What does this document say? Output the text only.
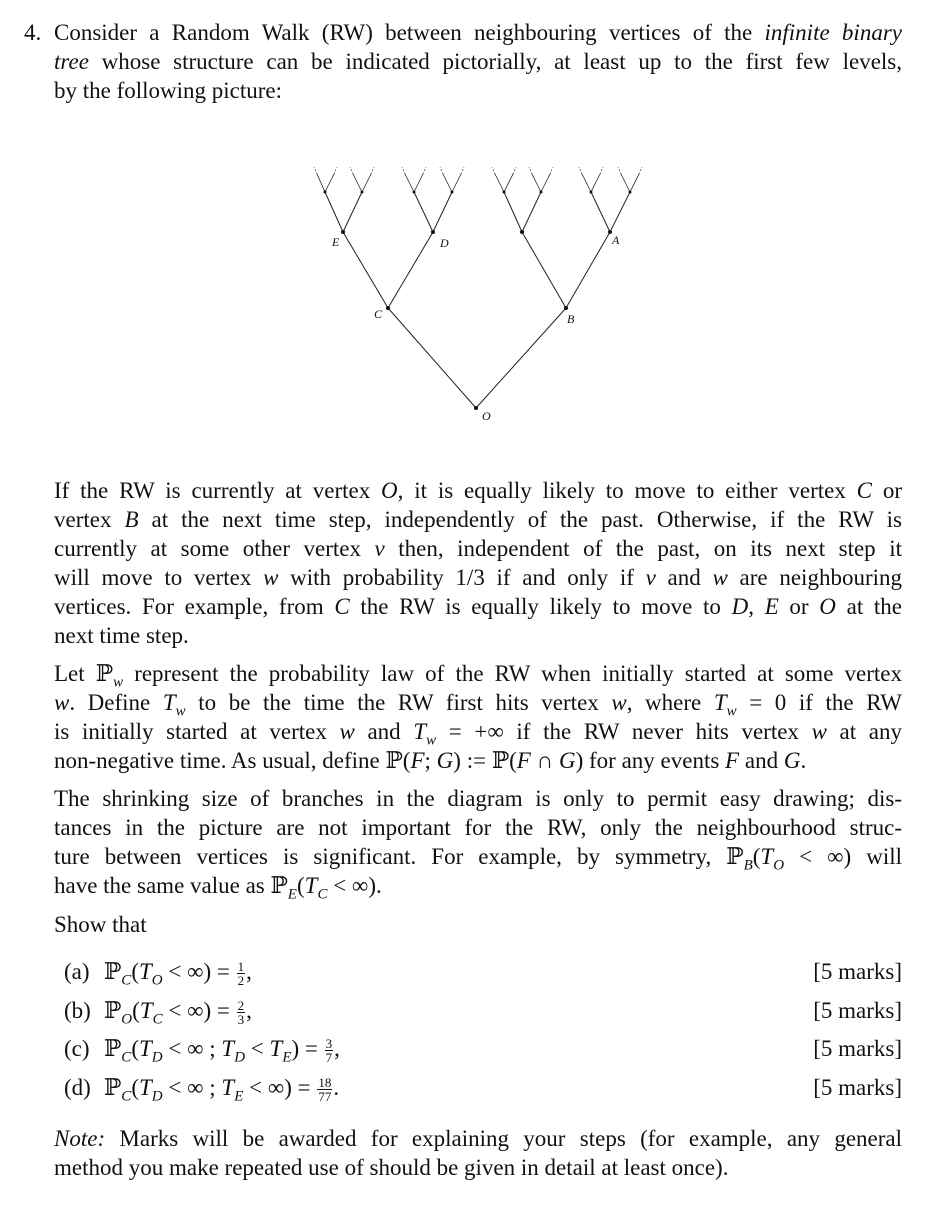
4. Consider a Random Walk (RW) between neighbouring vertices of the infinite binary
tree whose structure can be indicated pictorially, at least up to the first few levels,
by the following picture:
O
C	B
E	D	A
If the RW is currently at vertex O, it is equally likely to move to either vertex C or
vertex B at the next time step, independently of the past. Otherwise, if the RW is
currently at some other vertex v then, independent of the past, on its next step it
will move to vertex w with probability 1/3 if and only if v and w are neighbouring
vertices. For example, from C the RW is equally likely to move to D, E or O at the
next time step.
Let ℙ$_w$ represent the probability law of the RW when initially started at some vertex
w. Define $T_w$ to be the time the RW first hits vertex w, where $T_w = 0$ if the RW
is initially started at vertex w and $T_w$ = +∞ if the RW never hits vertex w at any
non-negative time. As usual, define ℙ(F; G) := ℙ(F ∩ G) for any events F and G.
The shrinking size of branches in the diagram is only to permit easy drawing; dis-
tances in the picture are not important for the RW, only the neighbourhood struc-
ture between vertices is significant. For example, by symmetry, $ℙ_B(T_O$ < ∞) will
have the same value as $ℙ_E(T_C$ < ∞).
Show that
(a) $ℙ_C(T_O$ < ∞) = $\frac{1}{2}$ ,	[5 marks]
(b) $ℙ_O(T_C$ < ∞) = $\frac{2}{3}$ ,	[5 marks]
(c) $ℙ_C(T_D$ < ∞ ; $T_D < T_E) = \frac{3}{7}$ ,	[5 marks]
(d) $ℙ_C(T_D$ < ∞ ; $T_E$ < ∞) = $\frac{18}{77}$ .	[5 marks]
Note: Marks will be awarded for explaining your steps (for example, any general
method you make repeated use of should be given in detail at least once).
